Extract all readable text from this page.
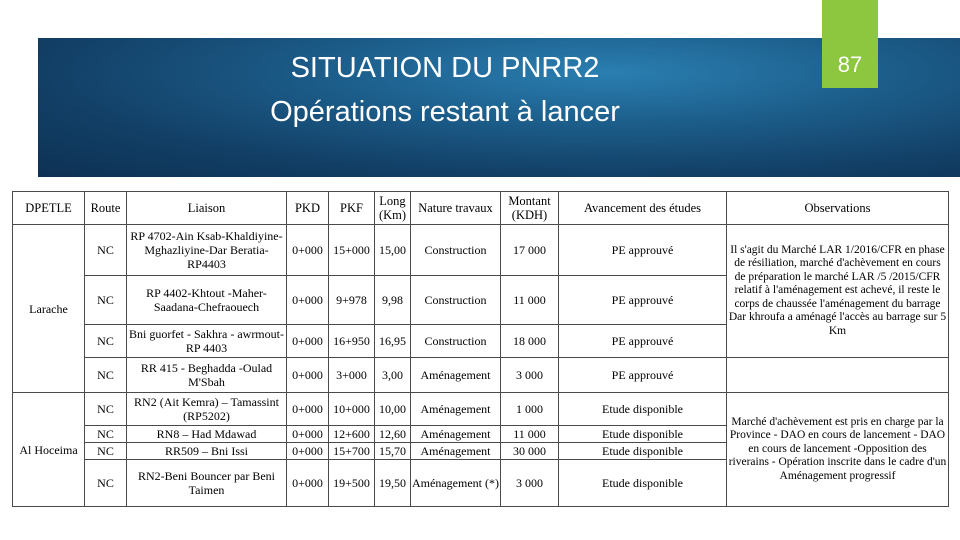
SITUATION DU PNRR2
Opérations restant à lancer
87
DPETLE	Route	Liaison	PKD	PKF	Long (Km)	Nature travaux	Montant (KDH)	Avancement des études	Observations
Larache	NC	RP 4702-Ain Ksab-Khaldiyine-Mghazliyine-Dar Beratia-RP4403	0+000	15+000	15,00	Construction	17 000	PE approuvé	Il s'agit du Marché LAR 1/2016/CFR en phase de résiliation, marché d'achèvement en cours de préparation le marché LAR /5 /2015/CFR relatif à l'aménagement est achevé, il reste le corps de chaussée l'aménagement du barrage Dar khroufa a aménagé l'accès au barrage sur 5 Km
	NC	RP 4402-Khtout -Maher-Saadana-Chefraouech	0+000	9+978	9,98	Construction	11 000	PE approuvé	
	NC	Bni guorfet - Sakhra - awrmout-RP 4403	0+000	16+950	16,95	Construction	18 000	PE approuvé	
	NC	RR 415 - Beghadda -Oulad M'Sbah	0+000	3+000	3,00	Aménagement	3 000	PE approuvé	
Al Hoceima	NC	RN2 (Ait Kemra) – Tamassint (RP5202)	0+000	10+000	10,00	Aménagement	1 000	Etude disponible	Marché d'achèvement est pris en charge par la Province - DAO en cours de lancement - DAO en cours de lancement -Opposition des riverains - Opération inscrite dans le cadre d'un Aménagement progressif
	NC	RN8 – Had Mdawad	0+000	12+600	12,60	Aménagement	11 000	Etude disponible	
	NC	RR509 – Bni Issi	0+000	15+700	15,70	Aménagement	30 000	Etude disponible	
	NC	RN2-Beni Bouncer par Beni Taimen	0+000	19+500	19,50	Aménagement (*)	3 000	Etude disponible	
